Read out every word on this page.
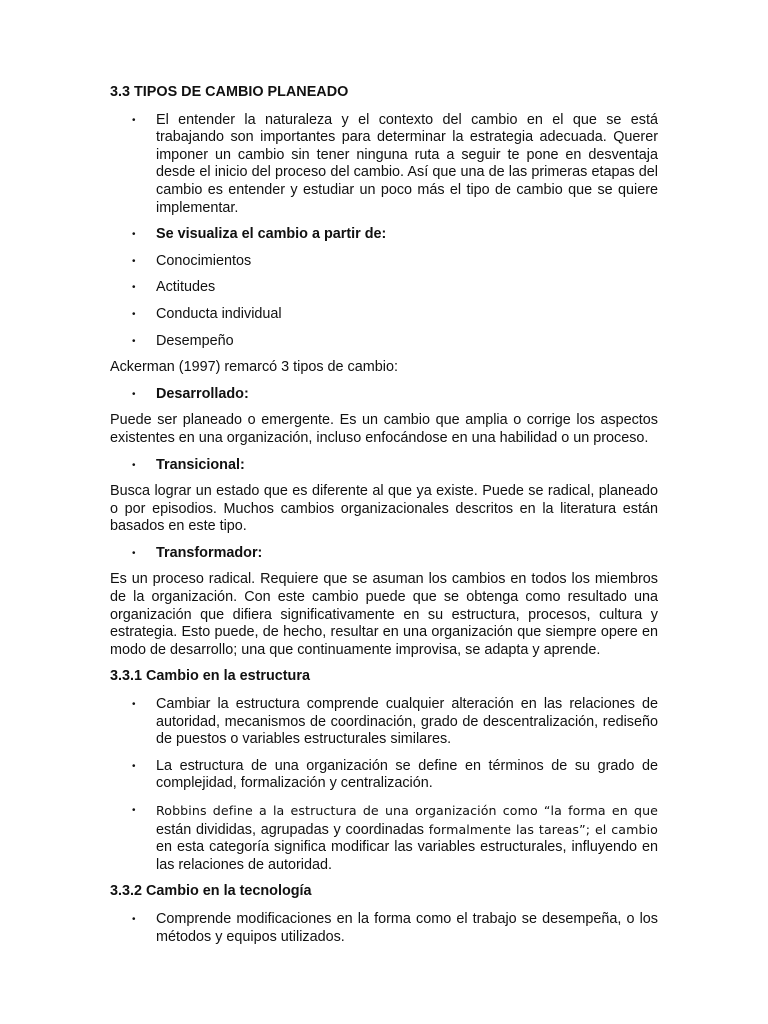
3.3 TIPOS DE CAMBIO PLANEADO
• El entender la naturaleza y el contexto del cambio en el que se está trabajando son importantes para determinar la estrategia adecuada. Querer imponer un cambio sin tener ninguna ruta a seguir te pone en desventaja desde el inicio del proceso del cambio. Así que una de las primeras etapas del cambio es entender y estudiar un poco más el tipo de cambio que se quiere implementar.
• Se visualiza el cambio a partir de:
• Conocimientos
• Actitudes
• Conducta individual
• Desempeño

Ackerman (1997) remarcó 3 tipos de cambio:

• Desarrollado:

Puede ser planeado o emergente. Es un cambio que amplia o corrige los aspectos existentes en una organización, incluso enfocándose en una habilidad o un proceso.

• Transicional:

Busca lograr un estado que es diferente al que ya existe. Puede se radical, planeado o por episodios. Muchos cambios organizacionales descritos en la literatura están basados en este tipo.

• Transformador:

Es un proceso radical. Requiere que se asuman los cambios en todos los miembros de la organización. Con este cambio puede que se obtenga como resultado una organización que difiera significativamente en su estructura, procesos, cultura y estrategia. Esto puede, de hecho, resultar en una organización que siempre opere en modo de desarrollo; una que continuamente improvisa, se adapta y aprende.

3.3.1 Cambio en la estructura
• Cambiar la estructura comprende cualquier alteración en las relaciones de autoridad, mecanismos de coordinación, grado de descentralización, rediseño de puestos o variables estructurales similares.
• La estructura de una organización se define en términos de su grado de complejidad, formalización y centralización.
• Robbins define a la estructura de una organización como “la forma en que están divididas, agrupadas y coordinadas formalmente las tareas”; el cambio en esta categoría significa modificar las variables estructurales, influyendo en las relaciones de autoridad.
3.3.2 Cambio en la tecnología
• Comprende modificaciones en la forma como el trabajo se desempeña, o los métodos y equipos utilizados.
